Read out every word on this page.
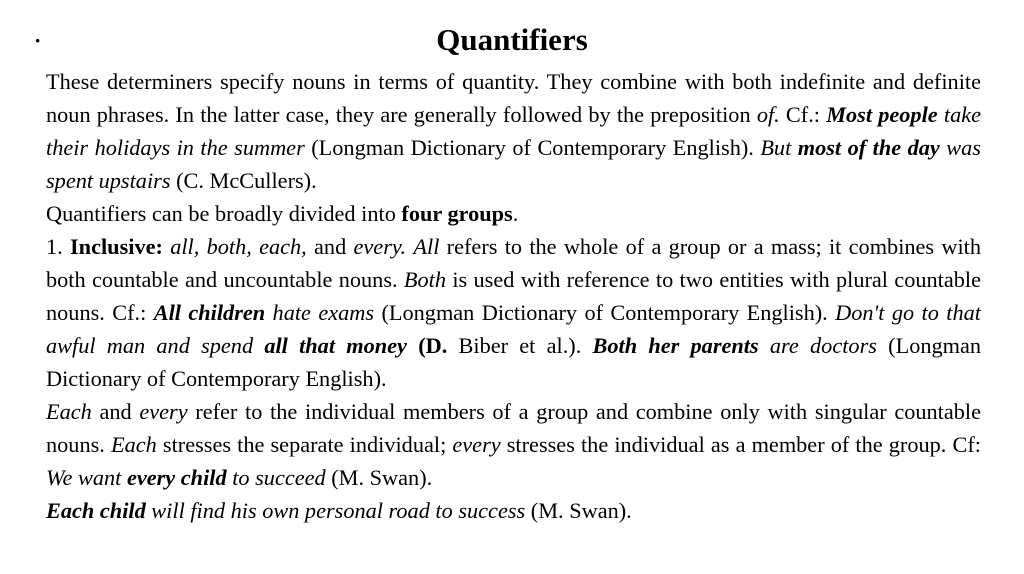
·	Quantifiers

These determiners specify nouns in terms of quantity. They combine with both indefinite and definite noun phrases. In the latter case, they are generally followed by the preposition of. Cf.: Most people take their holidays in the summer (Longman Dictionary of Contemporary English). But most of the day was spent upstairs (C. McCullers).

Quantifiers can be broadly divided into four groups.

1. Inclusive: all, both, each, and every. All refers to the whole of a group or a mass; it combines with both countable and uncountable nouns. Both is used with reference to two entities with plural countable nouns. Cf.: All children hate exams (Longman Dictionary of Contemporary English). Don't go to that awful man and spend all that money (D. Biber et al.). Both her parents are doctors (Longman Dictionary of Contemporary English).

Each and every refer to the individual members of a group and combine only with singular countable nouns. Each stresses the separate individual; every stresses the individual as a member of the group. Cf: We want every child to succeed (M. Swan).

Each child will find his own personal road to success (M. Swan).
